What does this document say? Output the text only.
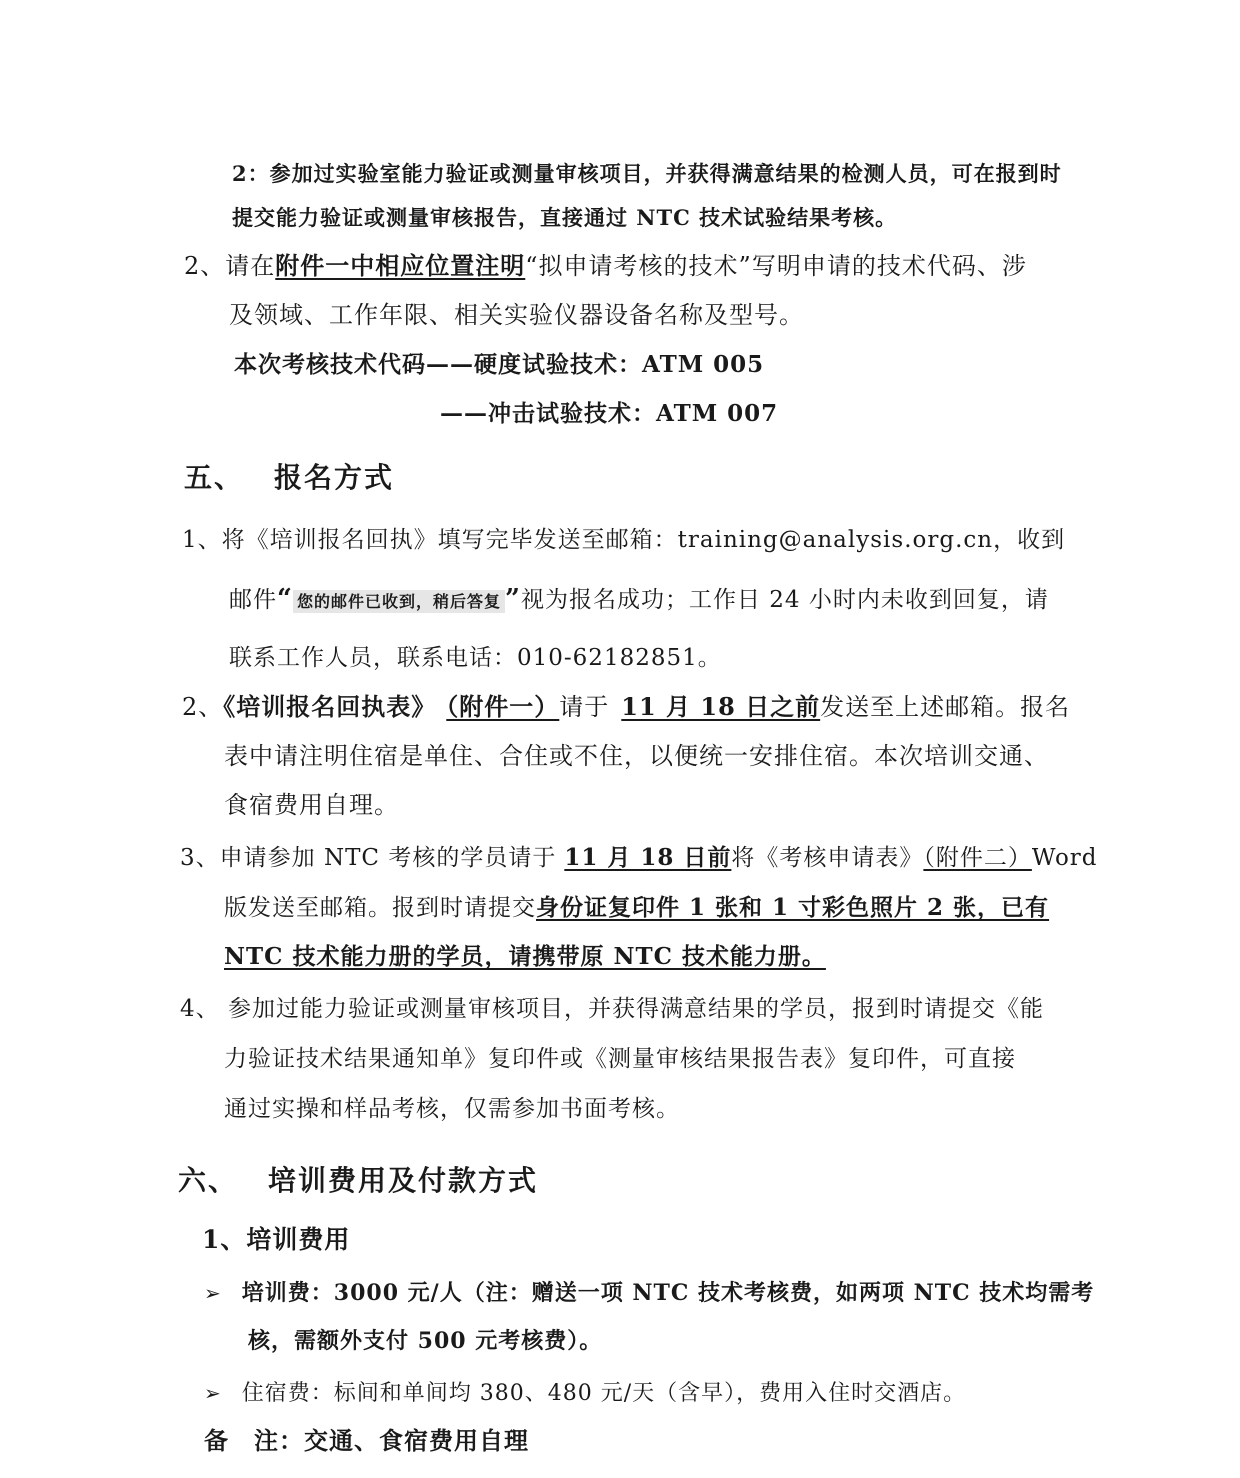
2：参加过实验室能力验证或测量审核项目，并获得满意结果的检测人员，可在报到时
提交能力验证或测量审核报告，直接通过 NTC 技术试验结果考核。
2、请在附件一中相应位置注明“拟申请考核的技术”写明申请的技术代码、涉
及领域、工作年限、相关实验仪器设备名称及型号。
本次考核技术代码——硬度试验技术：ATM 005
——冲击试验技术：ATM 007
五、 报名方式
1、将《培训报名回执》填写完毕发送至邮箱：training@analysis.org.cn，收到
邮件“ 您的邮件已收到，稍后答复 ”视为报名成功；工作日 24 小时内未收到回复，请
联系工作人员，联系电话：010-62182851。
2、《培训报名回执表》 （附件一）请于 11 月 18 日之前发送至上述邮箱。报名
表中请注明住宿是单住、合住或不住，以便统一安排住宿。本次培训交通、
食宿费用自理。
3、申请参加 NTC 考核的学员请于 11 月 18 日前将《考核申请表》（附件二）Word
版发送至邮箱。报到时请提交身份证复印件 1 张和 1 寸彩色照片 2 张，已有
NTC 技术能力册的学员，请携带原 NTC 技术能力册。
4、 参加过能力验证或测量审核项目，并获得满意结果的学员，报到时请提交《能
力验证技术结果通知单》复印件或《测量审核结果报告表》复印件，可直接
通过实操和样品考核，仅需参加书面考核。
六、 培训费用及付款方式
1、培训费用
➢ 培训费：3000 元/人（注：赠送一项 NTC 技术考核费，如两项 NTC 技术均需考
核，需额外支付 500 元考核费）。
➢ 住宿费：标间和单间均 380、480 元/天（含早），费用入住时交酒店。
备　注：交通、食宿费用自理
